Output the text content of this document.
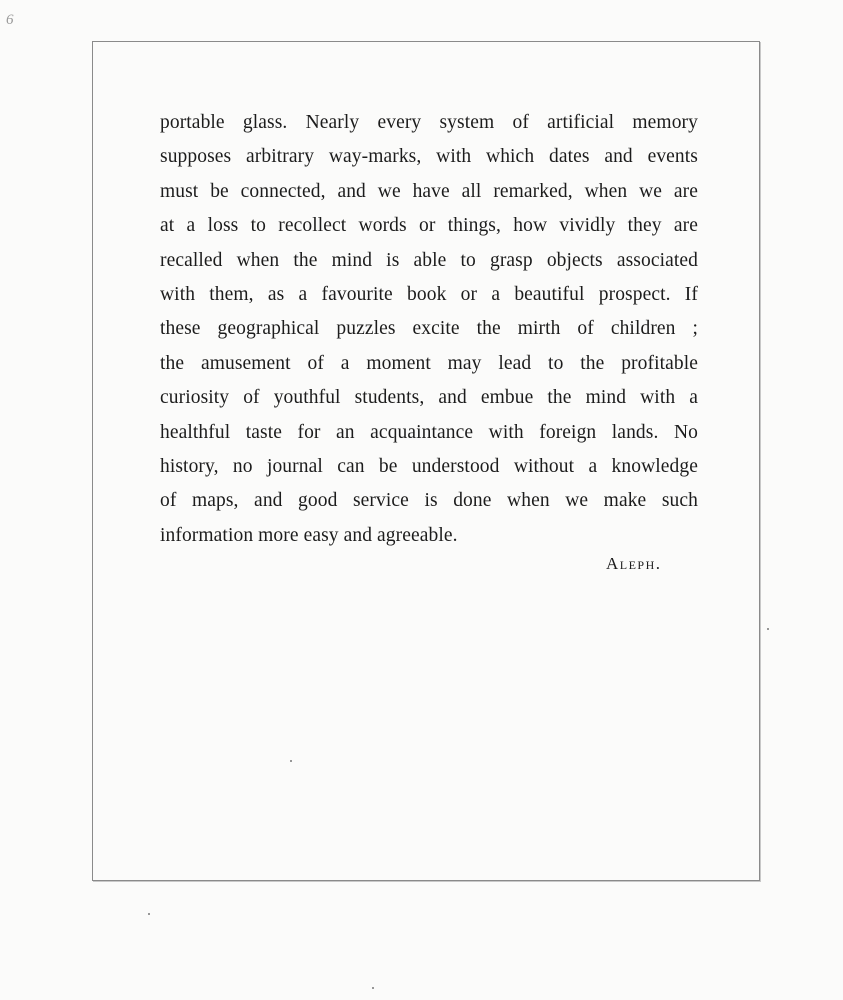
6
portable glass. Nearly every system of artificial memory
supposes arbitrary way-marks, with which dates and events
must be connected, and we have all remarked, when we are
at a loss to recollect words or things, how vividly they are
recalled when the mind is able to grasp objects associated
with them, as a favourite book or a beautiful prospect. If
these geographical puzzles excite the mirth of children ;
the amusement of a moment may lead to the profitable
curiosity of youthful students, and embue the mind with a
healthful taste for an acquaintance with foreign lands. No
history, no journal can be understood without a knowledge
of maps, and good service is done when we make such
information more easy and agreeable.
Aleph.
